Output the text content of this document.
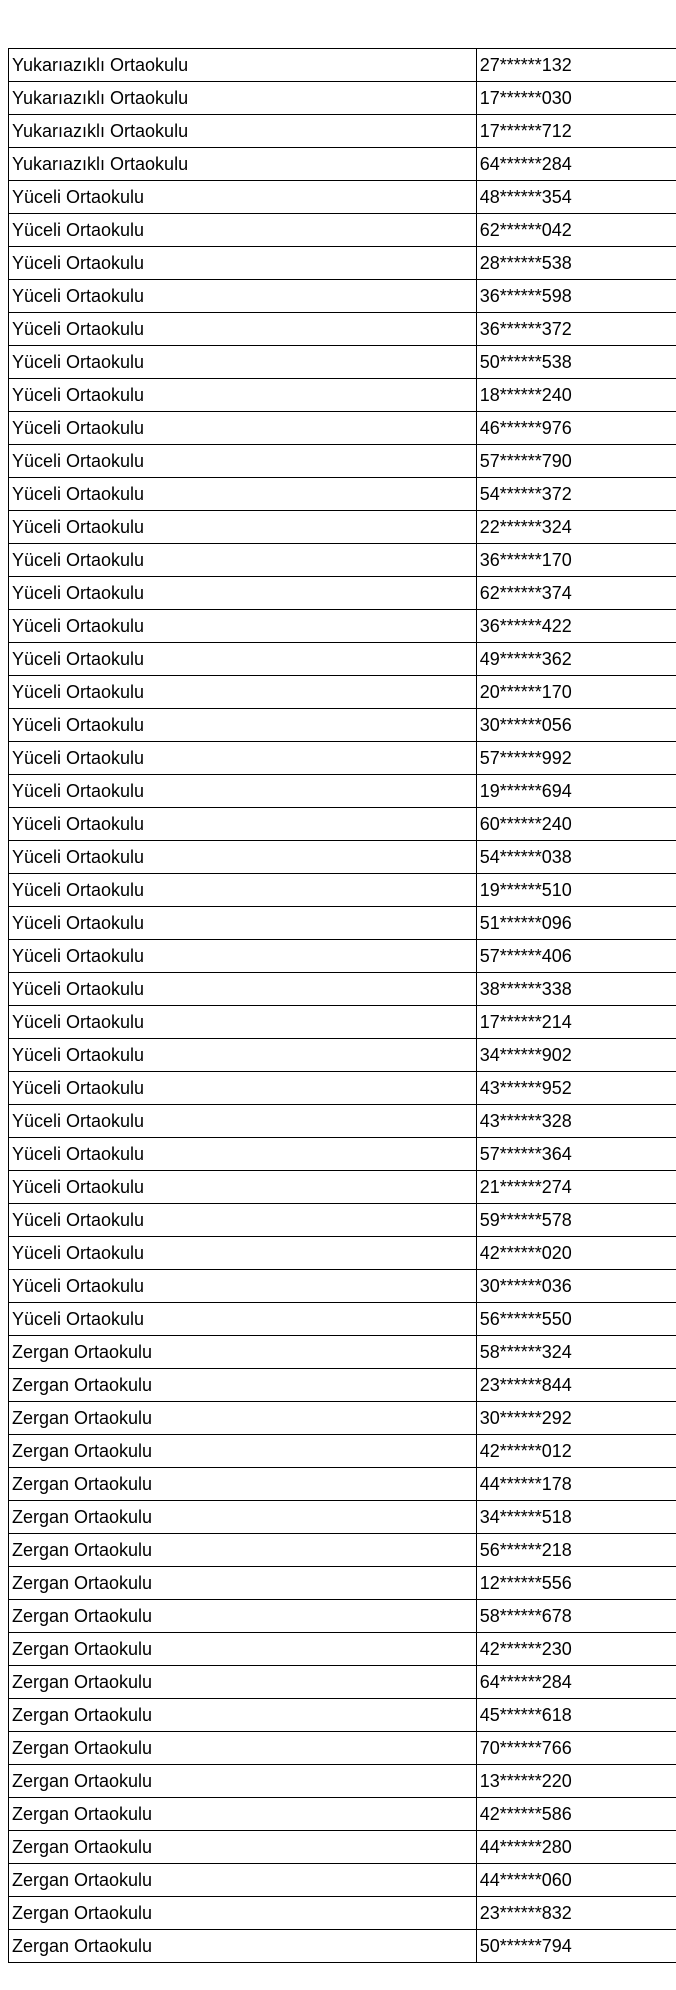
Yukarıazıklı Ortaokulu	27******132
Yukarıazıklı Ortaokulu	17******030
Yukarıazıklı Ortaokulu	17******712
Yukarıazıklı Ortaokulu	64******284
Yüceli Ortaokulu	48******354
Yüceli Ortaokulu	62******042
Yüceli Ortaokulu	28******538
Yüceli Ortaokulu	36******598
Yüceli Ortaokulu	36******372
Yüceli Ortaokulu	50******538
Yüceli Ortaokulu	18******240
Yüceli Ortaokulu	46******976
Yüceli Ortaokulu	57******790
Yüceli Ortaokulu	54******372
Yüceli Ortaokulu	22******324
Yüceli Ortaokulu	36******170
Yüceli Ortaokulu	62******374
Yüceli Ortaokulu	36******422
Yüceli Ortaokulu	49******362
Yüceli Ortaokulu	20******170
Yüceli Ortaokulu	30******056
Yüceli Ortaokulu	57******992
Yüceli Ortaokulu	19******694
Yüceli Ortaokulu	60******240
Yüceli Ortaokulu	54******038
Yüceli Ortaokulu	19******510
Yüceli Ortaokulu	51******096
Yüceli Ortaokulu	57******406
Yüceli Ortaokulu	38******338
Yüceli Ortaokulu	17******214
Yüceli Ortaokulu	34******902
Yüceli Ortaokulu	43******952
Yüceli Ortaokulu	43******328
Yüceli Ortaokulu	57******364
Yüceli Ortaokulu	21******274
Yüceli Ortaokulu	59******578
Yüceli Ortaokulu	42******020
Yüceli Ortaokulu	30******036
Yüceli Ortaokulu	56******550
Zergan Ortaokulu	58******324
Zergan Ortaokulu	23******844
Zergan Ortaokulu	30******292
Zergan Ortaokulu	42******012
Zergan Ortaokulu	44******178
Zergan Ortaokulu	34******518
Zergan Ortaokulu	56******218
Zergan Ortaokulu	12******556
Zergan Ortaokulu	58******678
Zergan Ortaokulu	42******230
Zergan Ortaokulu	64******284
Zergan Ortaokulu	45******618
Zergan Ortaokulu	70******766
Zergan Ortaokulu	13******220
Zergan Ortaokulu	42******586
Zergan Ortaokulu	44******280
Zergan Ortaokulu	44******060
Zergan Ortaokulu	23******832
Zergan Ortaokulu	50******794
